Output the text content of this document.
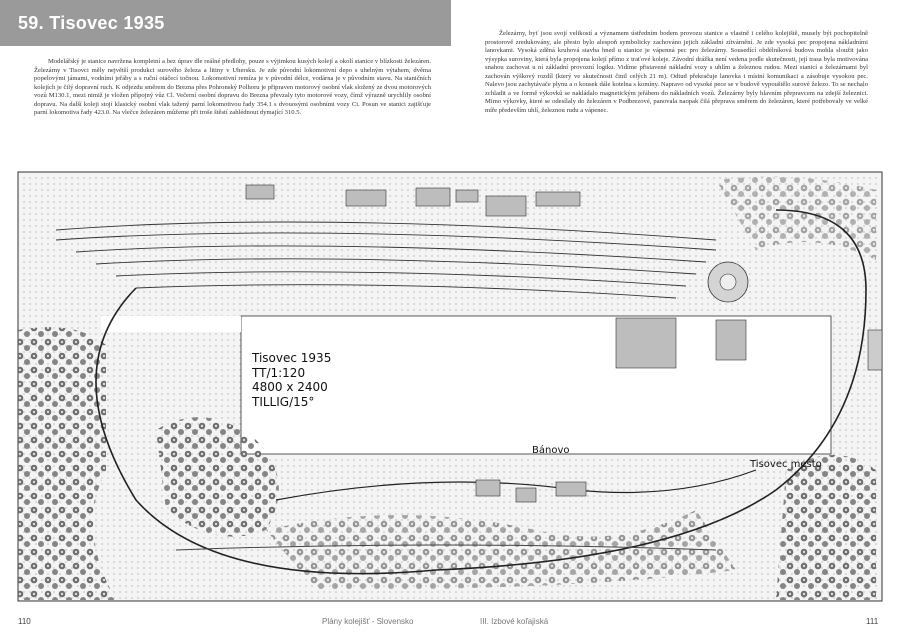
59. Tisovec 1935
Modelářský je stanice navržena kompletní a bez úprav dle reálné předlohy, pouze s výjimkou kusých kolejí a okolí stanice v blízkosti železáren. Železárny v Tisovci měly největší produkci surového železa a litiny v Uhersku. Je zde původní lokomotivní depo s uhelným výtahem, dvěma popelovými jámami, vodními jeřáby a s ruční otáčecí točnou. Lokomotivní remíza je v původní délce, vodárna je v původním stavu. Na staničních kolejích je čilý dopravní ruch. K odjezdu směrem do Brezna přes Pohronský Polhoru je připraven motorový osobní vlak složený ze dvou motorových vozů M130.1, mezi nimiž je vložen přípojný vůz Cl. Večerní osobní dopravu do Brezna převzaly tyto motorové vozy, čímž výrazně urychlily osobní dopravu. Na další koleji stojí klasický osobní vlak tažený parní lokomotivou řady 354.1 s dvouosými osobními vozy Ci. Posun ve stanici zajišťuje parní lokomotiva řady 423.0. Na vlečce železáren můžeme při troše štěstí zahlédnout dymající 310.5.
Železárny, byť jsou svojí velikostí a významem ústředním bodem provozu stanice a vlastně i celého kolejiště, musely být pochopitelně prostorově zredukovány, ale přesto bylo alespoň symbolicky zachováno jejich základní zítvárnění. Je zde vysoká pec propojena nákladními lanovkami. Vysoká zděná kruhová stavba hned u stanice je vápenná pec pro železárny. Sousedící obdélníková budova mohla sloužit jako výsypka suroviny, která byla propojena kolejí přímo z traťové koleje. Závodní drážka není vedena podle skutečnosti, její trasa byla motivována snahou zachovat u ní základní provozní logiku. Vidíme přistavené nákladní vozy s uhlím a železnou rudou. Mezi stanicí a železárnami byl zachován výškový rozdíl (který ve skutečnosti činil celých 21 m). Odtud překračuje lanovka i místní komunikaci a zásobuje vysokou pec. Nalevo jsou zachytávače plynu a o kousek dále kotelna s komíny. Napravo od vysoké pece se v budově vypouštělo surové železo. To se nechalo zchladit a ve formě výkovků se nakládalo magnetickým jeřábem do nákladních vozů. Železárny byly hlavním přepravcem na zdejší železnici. Mimo výkovky, které se odesílaly do železáren v Podbrezové, panovala naopak čilá přeprava směrem do železáren, které potřebovaly ve velké míře především uhlí, železnou rudu a vápenec.
Tisovec 1935
TT/1:120
4800 x 2400
TILLIG/15°
Bánovo
Tisovec mesto
110	Plány kolejišť - Slovensko	III. Izbové koľajiská	111
